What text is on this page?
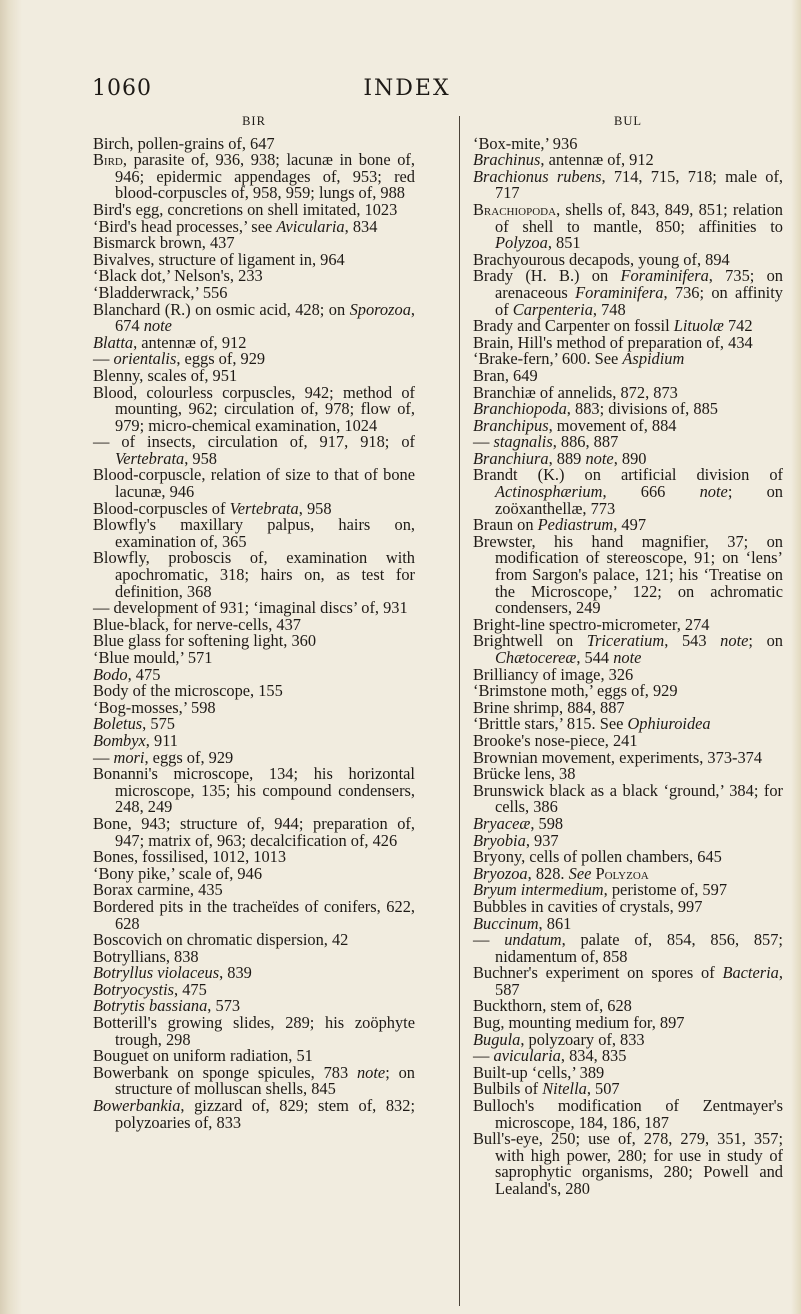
1060	INDEX
BIR

Birch, pollen-grains of, 647

Bird, parasite of, 936, 938; lacunæ in bone of, 946; epidermic appendages of, 953; red blood-corpuscles of, 958, 959; lungs of, 988

Bird's egg, concretions on shell imitated, 1023

‘Bird's head processes,’ see Avicularia, 834

Bismarck brown, 437

Bivalves, structure of ligament in, 964

‘Black dot,’ Nelson's, 233

‘Bladderwrack,’ 556

Blanchard (R.) on osmic acid, 428; on Sporozoa, 674 note

Blatta, antennæ of, 912

— orientalis, eggs of, 929

Blenny, scales of, 951

Blood, colourless corpuscles, 942; method of mounting, 962; circulation of, 978; flow of, 979; micro-chemical examination, 1024

— of insects, circulation of, 917, 918; of Vertebrata, 958

Blood-corpuscle, relation of size to that of bone lacunæ, 946

Blood-corpuscles of Vertebrata, 958

Blowfly's maxillary palpus, hairs on, examination of, 365

Blowfly, proboscis of, examination with apochromatic, 318; hairs on, as test for definition, 368

— development of 931; ‘imaginal discs’ of, 931

Blue-black, for nerve-cells, 437

Blue glass for softening light, 360

‘Blue mould,’ 571

Bodo, 475

Body of the microscope, 155

‘Bog-mosses,’ 598

Boletus, 575

Bombyx, 911

— mori, eggs of, 929

Bonanni's microscope, 134; his horizontal microscope, 135; his compound condensers, 248, 249

Bone, 943; structure of, 944; preparation of, 947; matrix of, 963; decalcification of, 426

Bones, fossilised, 1012, 1013

‘Bony pike,’ scale of, 946

Borax carmine, 435

Bordered pits in the tracheïdes of conifers, 622, 628

Boscovich on chromatic dispersion, 42

Botryllians, 838

Botryllus violaceus, 839

Botryocystis, 475

Botrytis bassiana, 573

Botterill's growing slides, 289; his zoöphyte trough, 298

Bouguet on uniform radiation, 51

Bowerbank on sponge spicules, 783 note; on structure of molluscan shells, 845

Bowerbankia, gizzard of, 829; stem of, 832; polyzoaries of, 833

BUL

‘Box-mite,’ 936

Brachinus, antennæ of, 912

Brachionus rubens, 714, 715, 718; male of, 717

Brachiopoda, shells of, 843, 849, 851; relation of shell to mantle, 850; affinities to Polyzoa, 851

Brachyourous decapods, young of, 894

Brady (H. B.) on Foraminifera, 735; on arenaceous Foraminifera, 736; on affinity of Carpenteria, 748

Brady and Carpenter on fossil Lituolæ 742

Brain, Hill's method of preparation of, 434

‘Brake-fern,’ 600. See Aspidium

Bran, 649

Branchiæ of annelids, 872, 873

Branchiopoda, 883; divisions of, 885

Branchipus, movement of, 884

— stagnalis, 886, 887

Branchiura, 889 note, 890

Brandt (K.) on artificial division of Actinosphærium, 666 note; on zoöxanthellæ, 773

Braun on Pediastrum, 497

Brewster, his hand magnifier, 37; on modification of stereoscope, 91; on ‘lens’ from Sargon's palace, 121; his ‘Treatise on the Microscope,’ 122; on achromatic condensers, 249

Bright-line spectro-micrometer, 274

Brightwell on Triceratium, 543 note; on Chætocereæ, 544 note

Brilliancy of image, 326

‘Brimstone moth,’ eggs of, 929

Brine shrimp, 884, 887

‘Brittle stars,’ 815. See Ophiuroidea

Brooke's nose-piece, 241

Brownian movement, experiments, 373-374

Brücke lens, 38

Brunswick black as a black ‘ground,’ 384; for cells, 386

Bryaceæ, 598

Bryobia, 937

Bryony, cells of pollen chambers, 645

Bryozoa, 828. See Polyzoa

Bryum intermedium, peristome of, 597

Bubbles in cavities of crystals, 997

Buccinum, 861

— undatum, palate of, 854, 856, 857; nidamentum of, 858

Buchner's experiment on spores of Bacteria, 587

Buckthorn, stem of, 628

Bug, mounting medium for, 897

Bugula, polyzoary of, 833

— avicularia, 834, 835

Built-up ‘cells,’ 389

Bulbils of Nitella, 507

Bulloch's modification of Zentmayer's microscope, 184, 186, 187

Bull's-eye, 250; use of, 278, 279, 351, 357; with high power, 280; for use in study of saprophytic organisms, 280; Powell and Lealand's, 280
